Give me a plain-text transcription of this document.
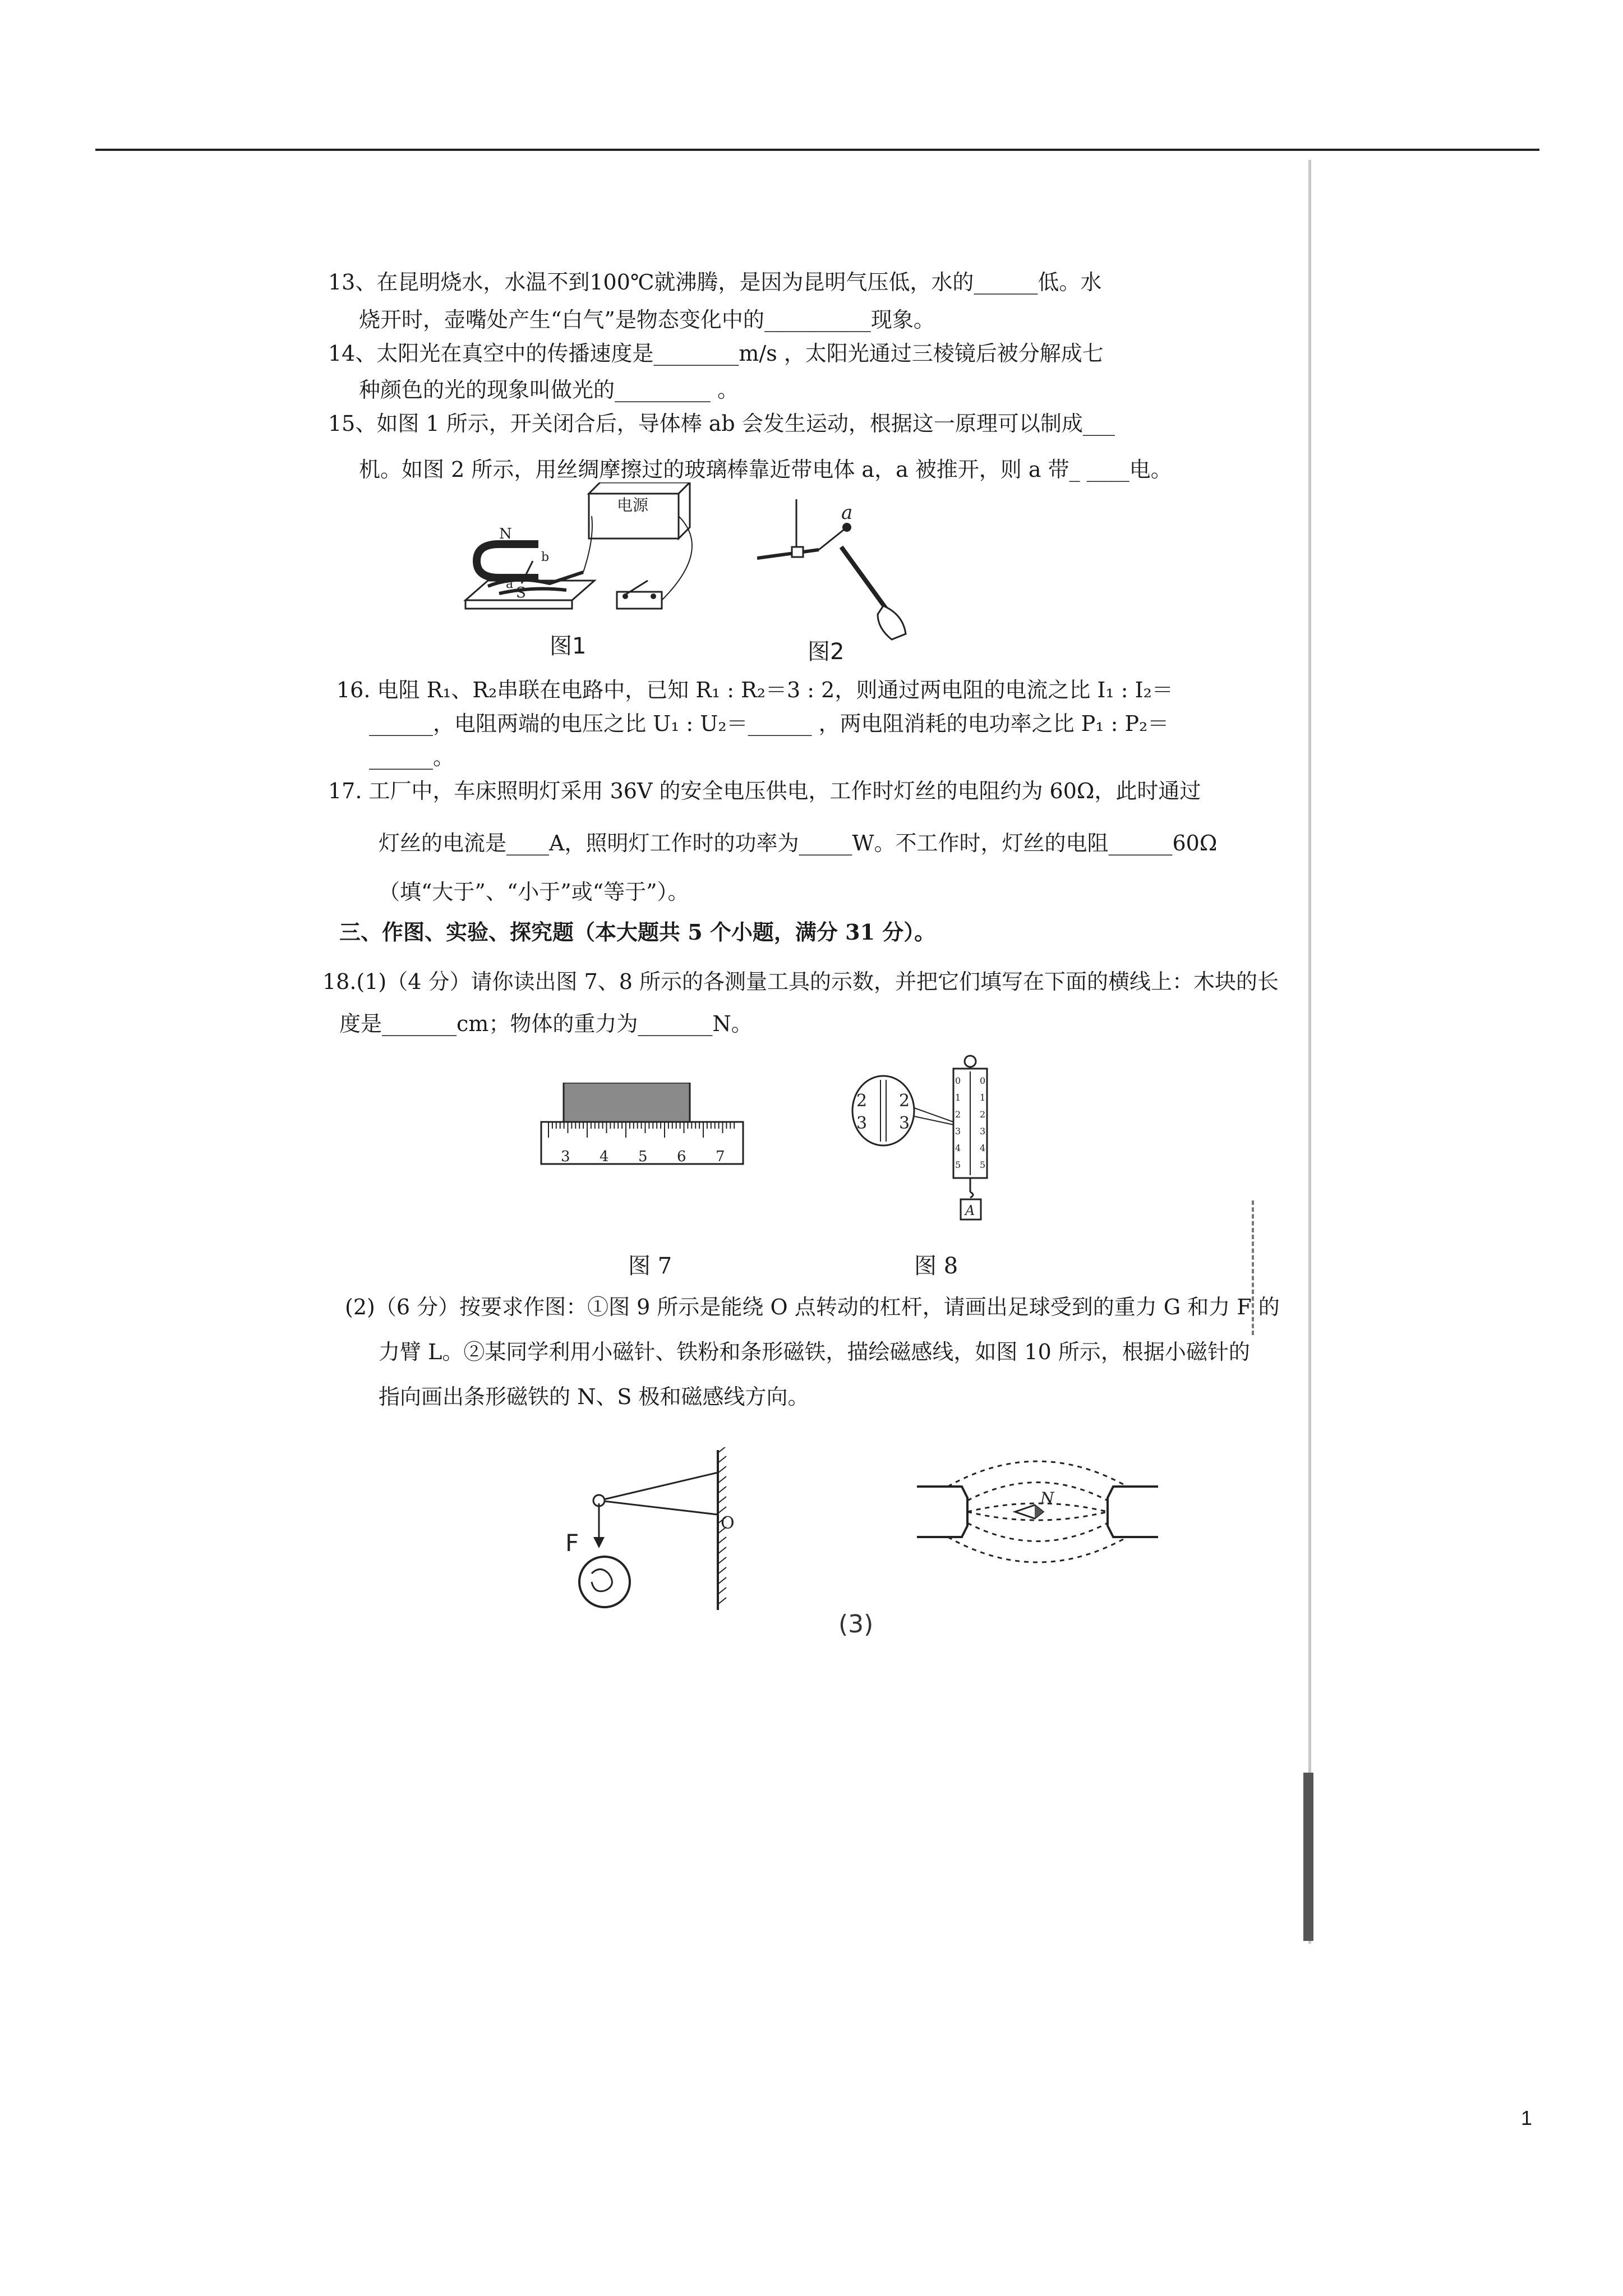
13、在昆明烧水，水温不到100℃就沸腾，是因为昆明气压低，水的______低。水
烧开时，壶嘴处产生“白气”是物态变化中的__________现象。
14、太阳光在真空中的传播速度是________m/s ，太阳光通过三棱镜后被分解成七
种颜色的光的现象叫做光的_________ 。
15、如图 1 所示，开关闭合后，导体棒 ab 会发生运动，根据这一原理可以制成___
机。如图 2 所示，用丝绸摩擦过的玻璃棒靠近带电体 a，a 被推开，则 a 带_ ____电。
电源
N
S
a
b
图1
a
图2
16. 电阻 R₁、R₂串联在电路中，已知 R₁ : R₂＝3 : 2，则通过两电阻的电流之比 I₁ : I₂＝
______，电阻两端的电压之比 U₁ : U₂＝______ ，两电阻消耗的电功率之比 P₁ : P₂＝
______。
17. 工厂中，车床照明灯采用 36V 的安全电压供电，工作时灯丝的电阻约为 60Ω，此时通过
灯丝的电流是____A，照明灯工作时的功率为_____W。不工作时，灯丝的电阻______60Ω
（填“大于”、“小于”或“等于”）。
三、作图、实验、探究题（本大题共 5 个小题，满分 31 分）。
18.(1)（4 分）请你读出图 7、8 所示的各测量工具的示数，并把它们填写在下面的横线上：木块的长
度是_______cm；物体的重力为_______N。
3 4 5 6 7
图 7
0
1
2
3
4
5
0
1
2
3
4
5
2
3
2
3
A
图 8
(2)（6 分）按要求作图：①图 9 所示是能绕 O 点转动的杠杆，请画出足球受到的重力 G 和力 F 的
力臂 L。②某同学利用小磁针、铁粉和条形磁铁，描绘磁感线，如图 10 所示，根据小磁针的
指向画出条形磁铁的 N、S 极和磁感线方向。
F
O
N
(3)
1
